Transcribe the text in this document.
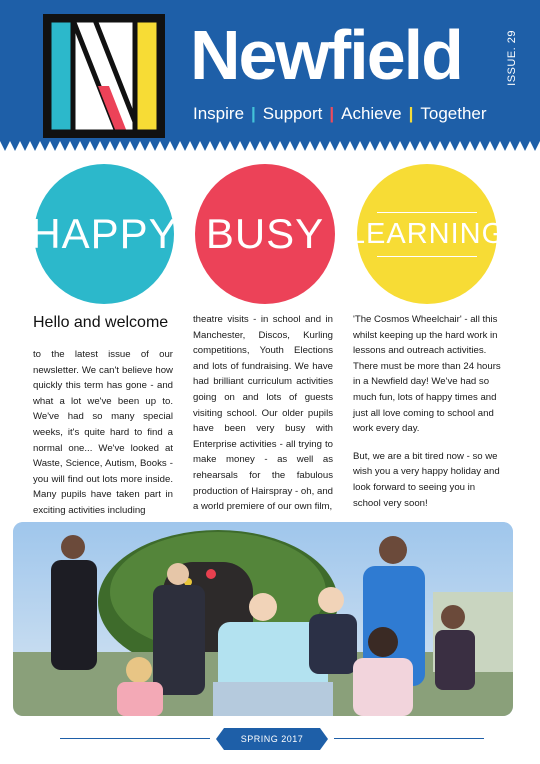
Newfield
Inspire | Support | Achieve | Together
ISSUE. 29
HAPPY BUSY LEARNING
Hello and welcome

to the latest issue of our newsletter. We can't believe how quickly this term has gone - and what a lot we've been up to. We've had so many special weeks, it's quite hard to find a normal one... We've looked at Waste, Science, Autism, Books - you will find out lots more inside. Many pupils have taken part in exciting activities including

theatre visits - in school and in Manchester, Discos, Kurling competitions, Youth Elections and lots of fundraising. We have had brilliant curriculum activities going on and lots of guests visiting school. Our older pupils have been very busy with Enterprise activities - all trying to make money - as well as rehearsals for the fabulous production of Hairspray - oh, and a world premiere of our own film,

'The Cosmos Wheelchair' - all this whilst keeping up the hard work in lessons and outreach activities. There must be more than 24 hours in a Newfield day! We've had so much fun, lots of happy times and just all love coming to school and work every day.

But, we are a bit tired now - so we wish you a very happy holiday and look forward to seeing you in school very soon!

SPRING 2017
